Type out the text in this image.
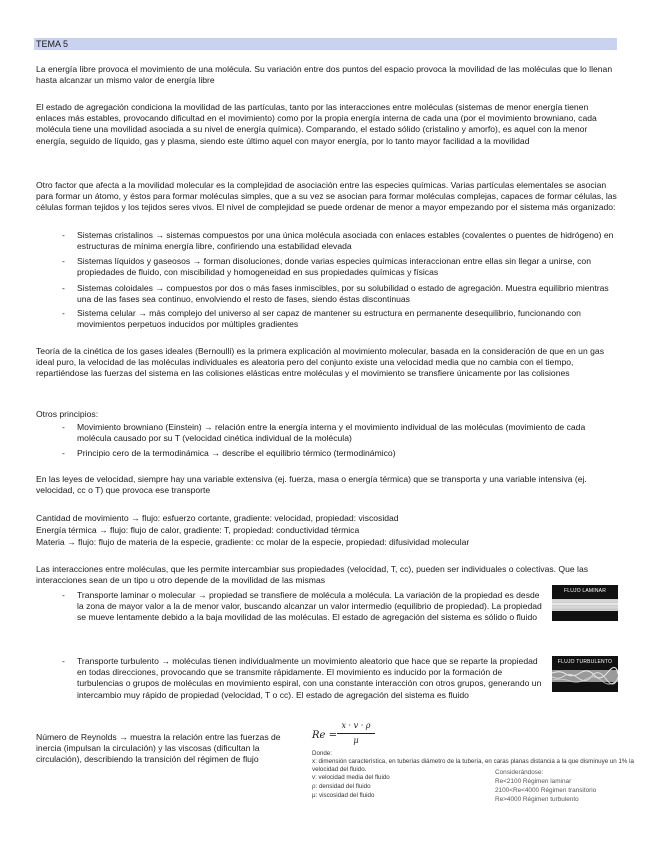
TEMA 5

La energía libre provoca el movimiento de una molécula. Su variación entre dos puntos del espacio provoca la movilidad de las moléculas que lo llenan hasta alcanzar un mismo valor de energía libre

El estado de agregación condiciona la movilidad de las partículas, tanto por las interacciones entre moléculas (sistemas de menor energía tienen enlaces más estables, provocando dificultad en el movimiento) como por la propia energía interna de cada una (por el movimiento browniano, cada molécula tiene una movilidad asociada a su nivel de energía química). Comparando, el estado sólido (cristalino y amorfo), es aquel con la menor energía, seguido de líquido, gas y plasma, siendo este último aquel con mayor energía, por lo tanto mayor facilidad a la movilidad

Otro factor que afecta a la movilidad molecular es la complejidad de asociación entre las especies químicas. Varias partículas elementales se asocian para formar un átomo, y éstos para formar moléculas simples, que a su vez se asocian para formar moléculas complejas, capaces de formar células, las células forman tejidos y los tejidos seres vivos. El nivel de complejidad se puede ordenar de menor a mayor empezando por el sistema más organizado:

- Sistemas cristalinos → sistemas compuestos por una única molécula asociada con enlaces estables (covalentes o puentes de hidrógeno) en estructuras de mínima energía libre, confiriendo una estabilidad elevada
- Sistemas líquidos y gaseosos → forman disoluciones, donde varias especies químicas interaccionan entre ellas sin llegar a unirse, con propiedades de fluido, con miscibilidad y homogeneidad en sus propiedades químicas y físicas
- Sistemas coloidales → compuestos por dos o más fases inmiscibles, por su solubilidad o estado de agregación. Muestra equilibrio mientras una de las fases sea continuo, envolviendo el resto de fases, siendo éstas discontinuas
- Sistema celular → más complejo del universo al ser capaz de mantener su estructura en permanente desequilibrio, funcionando con movimientos perpetuos inducidos por múltiples gradientes

Teoría de la cinética de los gases ideales (Bernoulli) es la primera explicación al movimiento molecular, basada en la consideración de que en un gas ideal puro, la velocidad de las moléculas individuales es aleatoria pero del conjunto existe una velocidad media que no cambia con el tiempo, repartiéndose las fuerzas del sistema en las colisiones elásticas entre moléculas y el movimiento se transfiere únicamente por las colisiones

Otros principios:

- Movimiento browniano (Einstein) → relación entre la energía interna y el movimiento individual de las moléculas (movimiento de cada molécula causado por su T (velocidad cinética individual de la molécula)
- Principio cero de la termodinámica → describe el equilibrio térmico (termodinámico)

En las leyes de velocidad, siempre hay una variable extensiva (ej. fuerza, masa o energía térmica) que se transporta y una variable intensiva (ej. velocidad, cc o T) que provoca ese transporte

Cantidad de movimiento → flujo: esfuerzo cortante, gradiente: velocidad, propiedad: viscosidad

Energía térmica → flujo: flujo de calor, gradiente: T, propiedad: conductividad térmica

Materia → flujo: flujo de materia de la especie, gradiente: cc molar de la especie, propiedad: difusividad molecular

Las interacciones entre moléculas, que les permite intercambiar sus propiedades (velocidad, T, cc), pueden ser individuales o colectivas. Que las interacciones sean de un tipo u otro depende de la movilidad de las mismas

- Transporte laminar o molecular → propiedad se transfiere de molécula a molécula. La variación de la propiedad es desde la zona de mayor valor a la de menor valor, buscando alcanzar un valor intermedio (equilibrio de propiedad). La propiedad se mueve lentamente debido a la baja movilidad de las moléculas. El estado de agregación del sistema es sólido o fluido
- Transporte turbulento → moléculas tienen individualmente un movimiento aleatorio que hace que se reparte la propiedad en todas direcciones, provocando que se transmite rápidamente. El movimiento es inducido por la formación de turbulencias o grupos de moléculas en movimiento espiral, con una constante interacción con otros grupos, generando un intercambio muy rápido de propiedad (velocidad, T o cc). El estado de agregación del sistema es fluido
FLUJO LAMINAR
FLUJO TURBULENTO
Número de Reynolds → muestra la relación entre las fuerzas de inercia (impulsan la circulación) y las viscosas (dificultan la circulación), describiendo la transición del régimen de flujo
Re =
x · v · ρ
μ
Donde:
x: dimensión característica, en tuberías diámetro de la tubería, en caras planas distancia a la que disminuye un 1% la velocidad del fluido.
v: velocidad media del fluido
ρ: densidad del fluido
μ: viscosidad del fluido
Considerándose:
Re<2100 Régimen laminar
2100<Re<4000 Régimen transitorio
Re>4000 Régimen turbulento
